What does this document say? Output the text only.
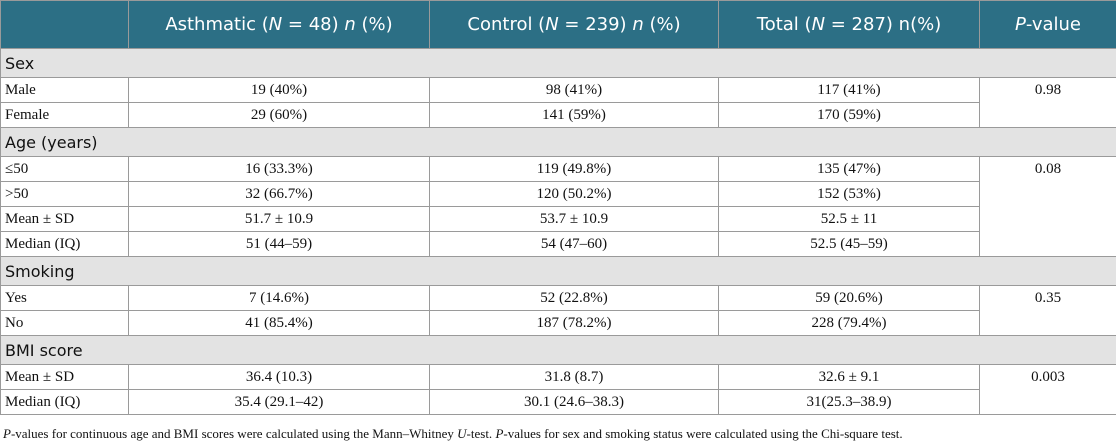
	Asthmatic (N = 48) n (%)	Control (N = 239) n (%)	Total (N = 287) n(%)	P-value
Sex				
Male	19 (40%)	98 (41%)	117 (41%)	0.98
Female	29 (60%)	141 (59%)	170 (59%)	
Age (years)				
≤50	16 (33.3%)	119 (49.8%)	135 (47%)	0.08
>50	32 (66.7%)	120 (50.2%)	152 (53%)	
Mean ± SD	51.7 ± 10.9	53.7 ± 10.9	52.5 ± 11	
Median (IQ)	51 (44–59)	54 (47–60)	52.5 (45–59)	
Smoking				
Yes	7 (14.6%)	52 (22.8%)	59 (20.6%)	0.35
No	41 (85.4%)	187 (78.2%)	228 (79.4%)	
BMI score				
Mean ± SD	36.4 (10.3)	31.8 (8.7)	32.6 ± 9.1	0.003
Median (IQ)	35.4 (29.1–42)	30.1 (24.6–38.3)	31(25.3–38.9)	
P-values for continuous age and BMI scores were calculated using the Mann–Whitney U-test. P-values for sex and smoking status were calculated using the Chi-square test.
